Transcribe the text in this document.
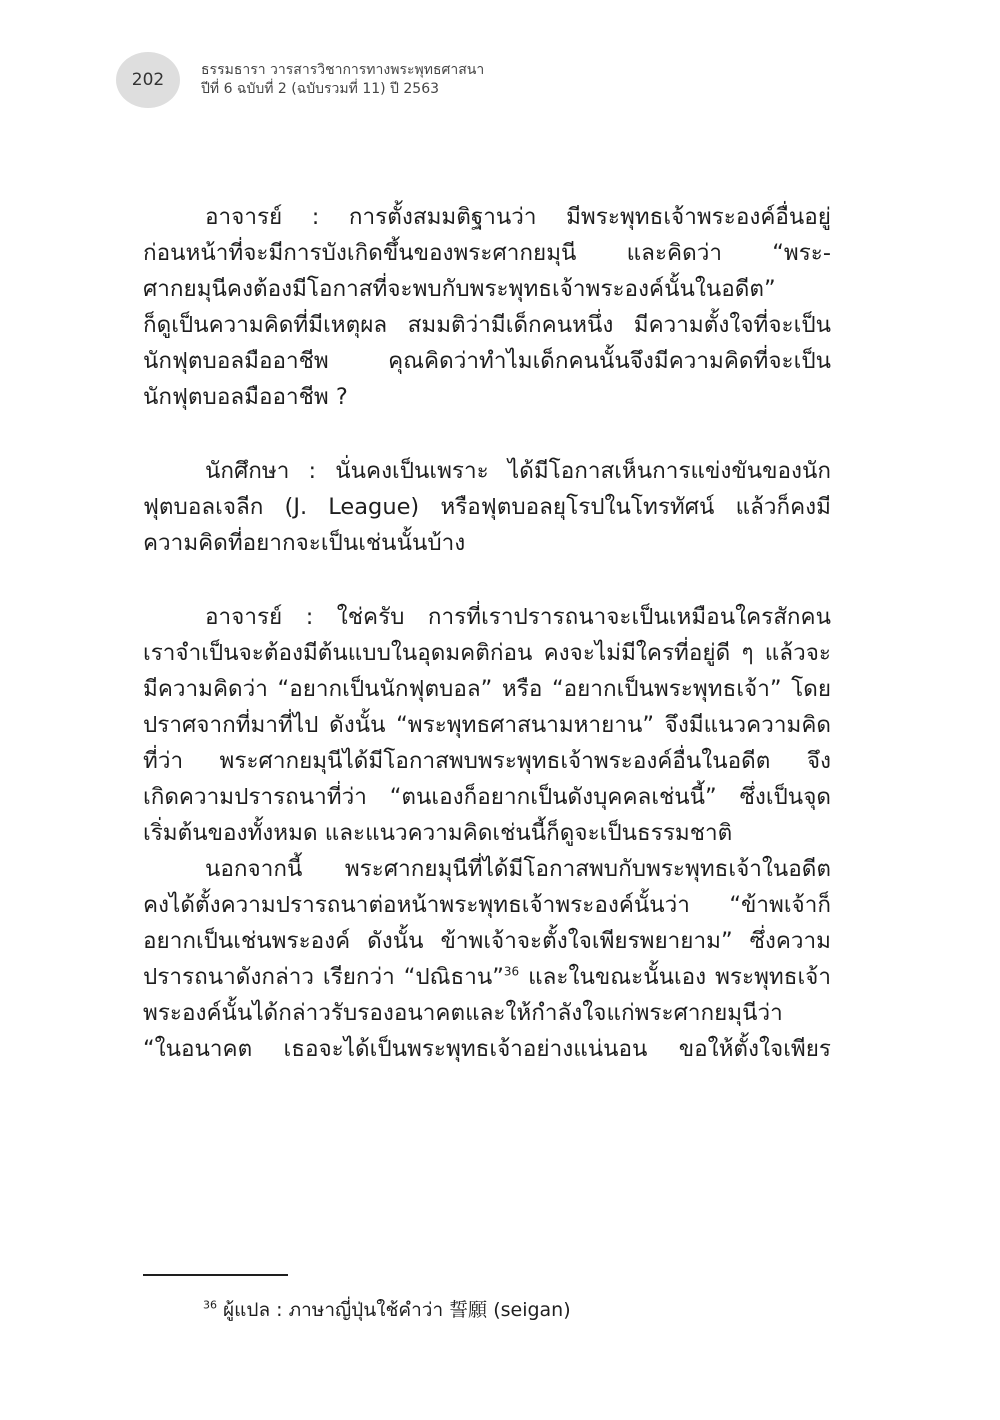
202	ธรรมธารา วารสารวิชาการทางพระพุทธศาสนา
ปีที่ 6 ฉบับที่ 2 (ฉบับรวมที่ 11) ปี 2563
อาจารย์ : การตั้งสมมติฐานว่า มีพระพุทธเจ้าพระองค์อื่นอยู่
ก่อนหน้าที่จะมีการบังเกิดขึ้นของพระศากยมุนี และคิดว่า “พระ-
ศากยมุนีคงต้องมีโอกาสที่จะพบกับพระพุทธเจ้าพระองค์นั้นในอดีต”
ก็ดูเป็นความคิดที่มีเหตุผล สมมติว่ามีเด็กคนหนึ่ง มีความตั้งใจที่จะเป็น
นักฟุตบอลมืออาชีพ คุณคิดว่าทำไมเด็กคนนั้นจึงมีความคิดที่จะเป็น
นักฟุตบอลมืออาชีพ ?
นักศึกษา : นั่นคงเป็นเพราะ ได้มีโอกาสเห็นการแข่งขันของนัก
ฟุตบอลเจลีก (J. League) หรือฟุตบอลยุโรปในโทรทัศน์ แล้วก็คงมี
ความคิดที่อยากจะเป็นเช่นนั้นบ้าง
อาจารย์ : ใช่ครับ การที่เราปรารถนาจะเป็นเหมือนใครสักคน
เราจำเป็นจะต้องมีต้นแบบในอุดมคติก่อน คงจะไม่มีใครที่อยู่ดี ๆ แล้วจะ
มีความคิดว่า “อยากเป็นนักฟุตบอล” หรือ “อยากเป็นพระพุทธเจ้า” โดย
ปราศจากที่มาที่ไป ดังนั้น “พระพุทธศาสนามหายาน” จึงมีแนวความคิด
ที่ว่า พระศากยมุนีได้มีโอกาสพบพระพุทธเจ้าพระองค์อื่นในอดีต จึง
เกิดความปรารถนาที่ว่า “ตนเองก็อยากเป็นดังบุคคลเช่นนี้” ซึ่งเป็นจุด
เริ่มต้นของทั้งหมด และแนวความคิดเช่นนี้ก็ดูจะเป็นธรรมชาติ
นอกจากนี้ พระศากยมุนีที่ได้มีโอกาสพบกับพระพุทธเจ้าในอดีต
คงได้ตั้งความปรารถนาต่อหน้าพระพุทธเจ้าพระองค์นั้นว่า “ข้าพเจ้าก็
อยากเป็นเช่นพระองค์ ดังนั้น ข้าพเจ้าจะตั้งใจเพียรพยายาม” ซึ่งความ
ปรารถนาดังกล่าว เรียกว่า “ปณิธาน”$^{36}$ และในขณะนั้นเอง พระพุทธเจ้า
พระองค์นั้นได้กล่าวรับรองอนาคตและให้กำลังใจแก่พระศากยมุนีว่า
“ในอนาคต เธอจะได้เป็นพระพุทธเจ้าอย่างแน่นอน ขอให้ตั้งใจเพียร
$^{36}$ ผู้แปล : ภาษาญี่ปุ่นใช้คำว่า 誓願 (seigan)
